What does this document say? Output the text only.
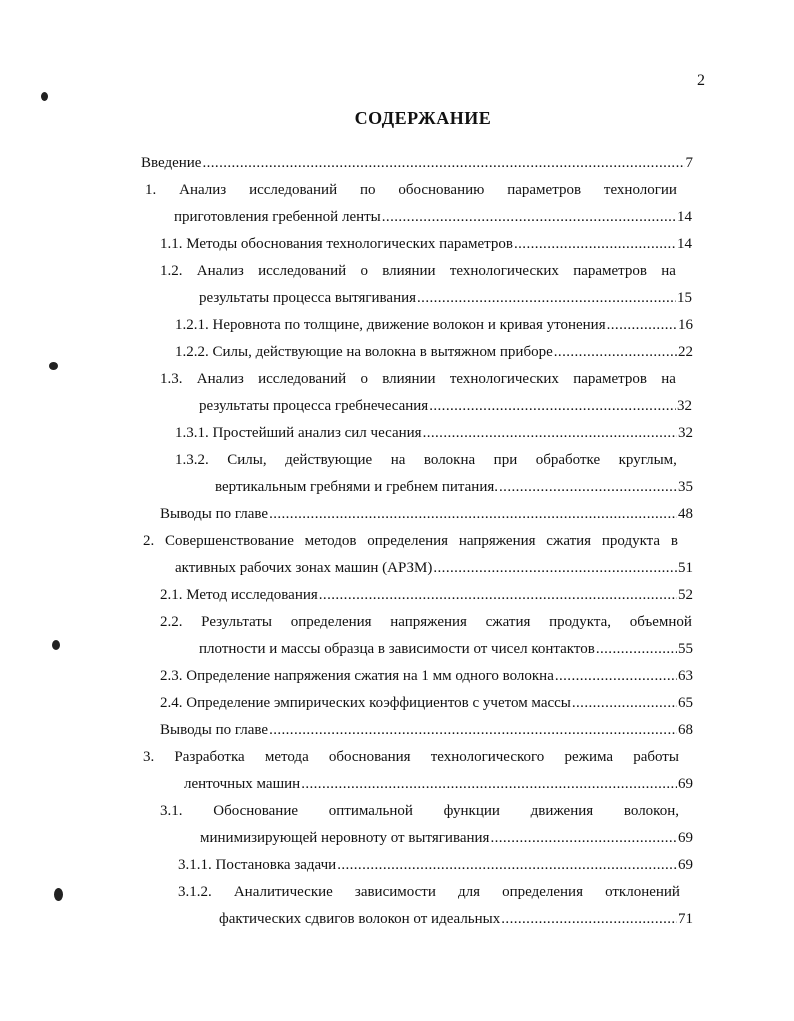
2
СОДЕРЖАНИЕ
Введение .....	7
1. Анализ исследований по обоснованию параметров технологии
приготовления гребенной ленты .....	14
1.1. Методы обоснования технологических параметров .....	14
1.2. Анализ исследований о влиянии технологических параметров на
результаты процесса вытягивания .....	15
1.2.1. Неровнота по толщине, движение волокон и кривая утонения .....	16
1.2.2. Силы, действующие на волокна в вытяжном приборе .....	22
1.3. Анализ исследований о влиянии технологических параметров на
результаты процесса гребнечесания .....	32
1.3.1. Простейший анализ сил чесания .....	32
1.3.2. Силы, действующие на волокна при обработке круглым,
вертикальным гребнями и гребнем питания. .....	35
Выводы по главе .....	48
2. Совершенствование методов определения напряжения сжатия продукта в
активных рабочих зонах машин (АРЗМ) .....	51
2.1. Метод исследования .....	52
2.2. Результаты определения напряжения сжатия продукта, объемной
плотности и массы образца в зависимости от чисел контактов .....	55
2.3. Определение напряжения сжатия на 1 мм одного волокна .....	63
2.4. Определение эмпирических коэффициентов с учетом массы .....	65
Выводы по главе .....	68
3. Разработка метода обоснования технологического режима работы
ленточных машин .....	69
3.1. Обоснование оптимальной функции движения волокон,
минимизирующей неровноту от вытягивания .....	69
3.1.1. Постановка задачи .....	69
3.1.2. Аналитические зависимости для определения отклонений
фактических сдвигов волокон от идеальных .....	71
